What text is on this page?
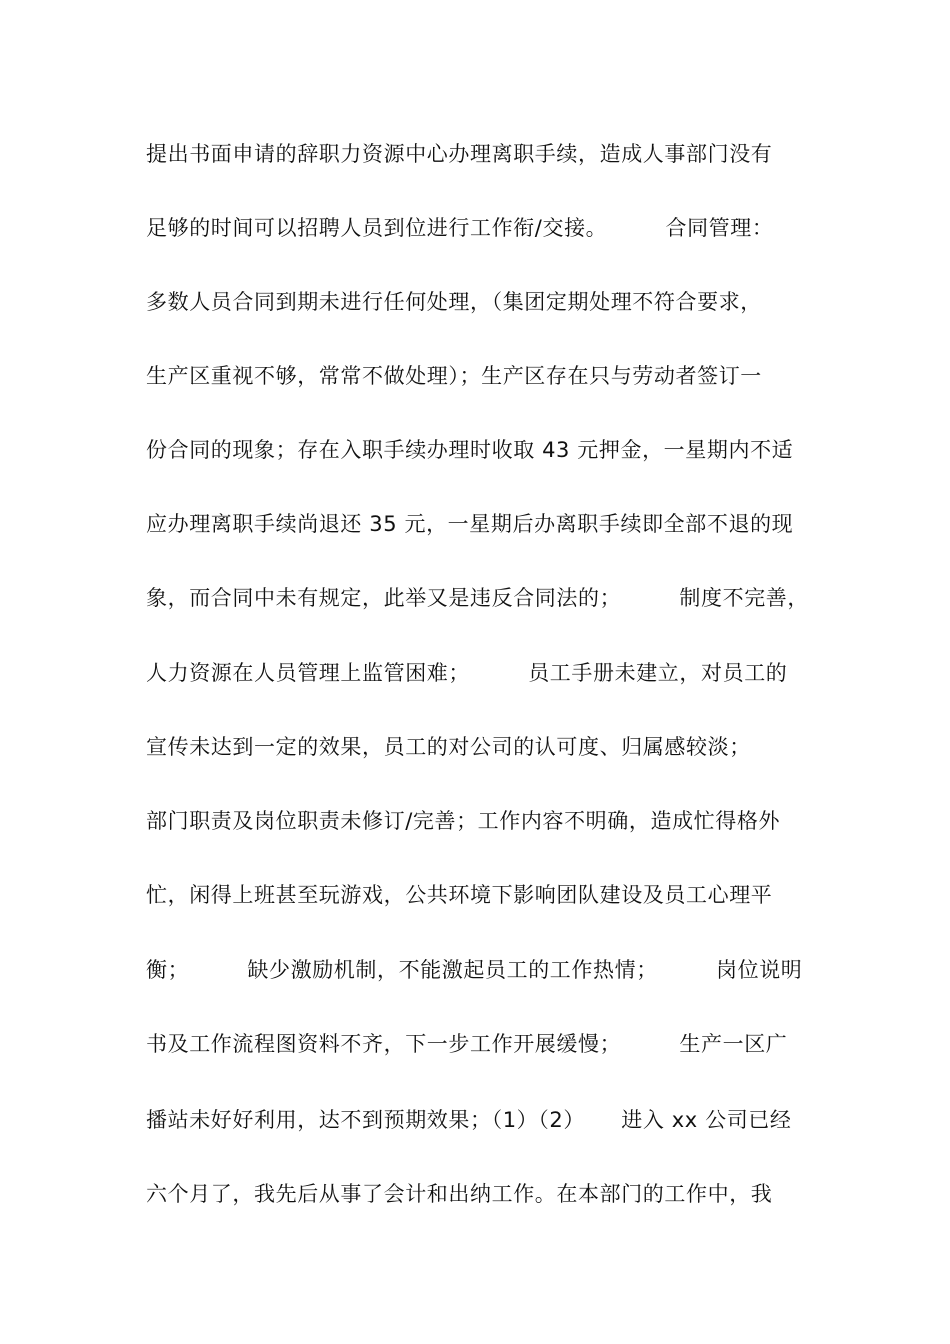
提出书面申请的辞职力资源中心办理离职手续，造成人事部门没有
足够的时间可以招聘人员到位进行工作衔/交接。        合同管理：
多数人员合同到期未进行任何处理，（集团定期处理不符合要求，
生产区重视不够，常常不做处理）；生产区存在只与劳动者签订一
份合同的现象；存在入职手续办理时收取 43 元押金，一星期内不适
应办理离职手续尚退还 35 元，一星期后办离职手续即全部不退的现
象，而合同中未有规定，此举又是违反合同法的；        制度不完善，
人力资源在人员管理上监管困难；        员工手册未建立，对员工的
宣传未达到一定的效果，员工的对公司的认可度、归属感较淡；
部门职责及岗位职责未修订/完善；工作内容不明确，造成忙得格外
忙，闲得上班甚至玩游戏，公共环境下影响团队建设及员工心理平
衡；        缺少激励机制，不能激起员工的工作热情；        岗位说明
书及工作流程图资料不齐，下一步工作开展缓慢；        生产一区广
播站未好好利用，达不到预期效果；（1）（2）     进入 xx 公司已经
六个月了，我先后从事了会计和出纳工作。在本部门的工作中，我
